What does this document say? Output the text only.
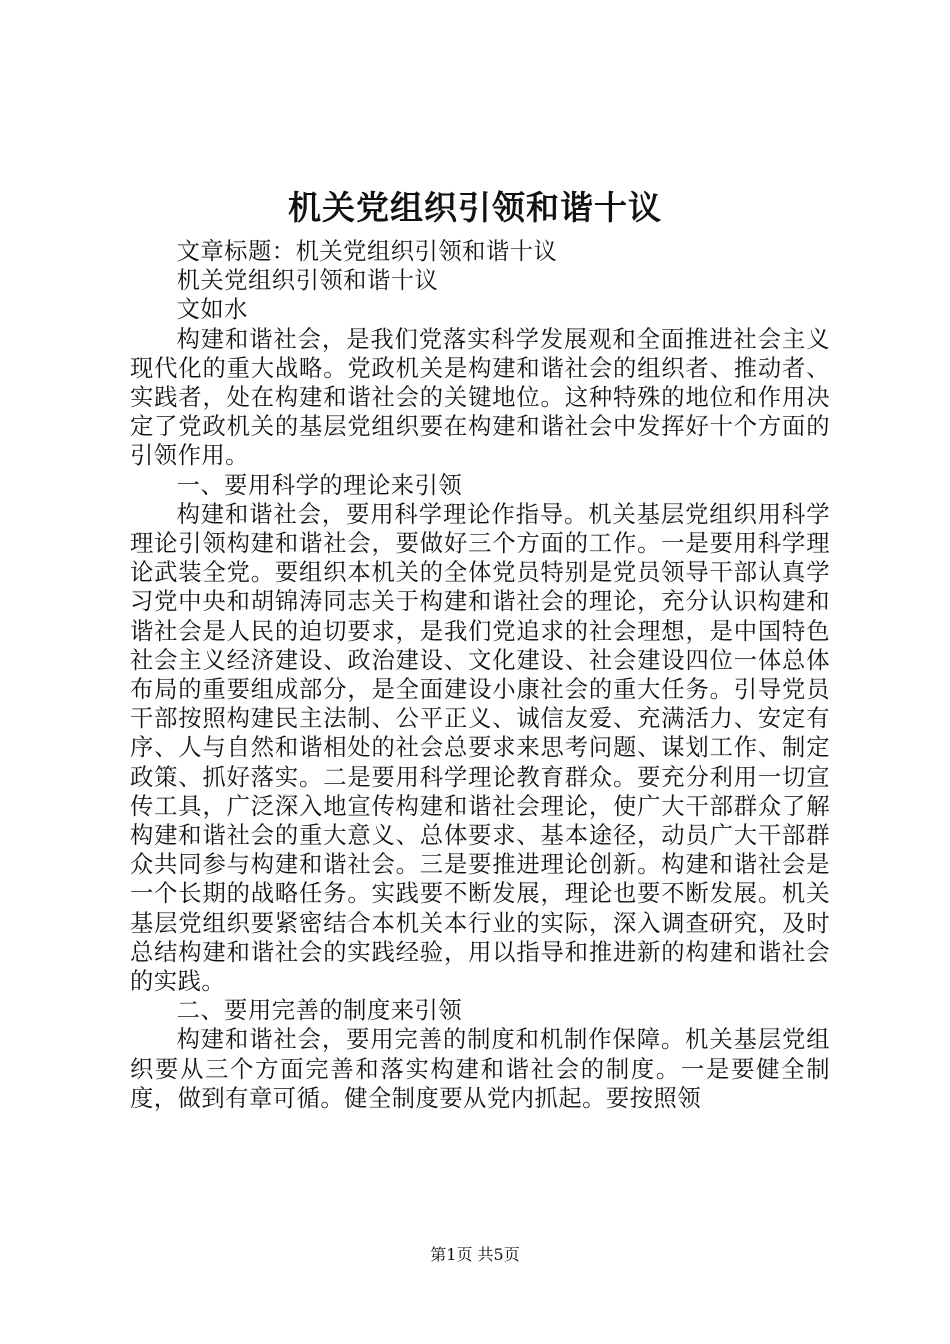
机关党组织引领和谐十议

文章标题：机关党组织引领和谐十议

机关党组织引领和谐十议

文如水

构建和谐社会，是我们党落实科学发展观和全面推进社会主义现代化的重大战略。党政机关是构建和谐社会的组织者、推动者、实践者，处在构建和谐社会的关键地位。这种特殊的地位和作用决定了党政机关的基层党组织要在构建和谐社会中发挥好十个方面的引领作用。

一、要用科学的理论来引领

构建和谐社会，要用科学理论作指导。机关基层党组织用科学理论引领构建和谐社会，要做好三个方面的工作。一是要用科学理论武装全党。要组织本机关的全体党员特别是党员领导干部认真学习党中央和胡锦涛同志关于构建和谐社会的理论，充分认识构建和谐社会是人民的迫切要求，是我们党追求的社会理想，是中国特色社会主义经济建设、政治建设、文化建设、社会建设四位一体总体布局的重要组成部分，是全面建设小康社会的重大任务。引导党员干部按照构建民主法制、公平正义、诚信友爱、充满活力、安定有序、人与自然和谐相处的社会总要求来思考问题、谋划工作、制定政策、抓好落实。二是要用科学理论教育群众。要充分利用一切宣传工具，广泛深入地宣传构建和谐社会理论，使广大干部群众了解构建和谐社会的重大意义、总体要求、基本途径，动员广大干部群众共同参与构建和谐社会。三是要推进理论创新。构建和谐社会是一个长期的战略任务。实践要不断发展，理论也要不断发展。机关基层党组织要紧密结合本机关本行业的实际，深入调查研究，及时总结构建和谐社会的实践经验，用以指导和推进新的构建和谐社会的实践。

二、要用完善的制度来引领

构建和谐社会，要用完善的制度和机制作保障。机关基层党组织要从三个方面完善和落实构建和谐社会的制度。一是要健全制度，做到有章可循。健全制度要从党内抓起。要按照领

第1页 共5页
